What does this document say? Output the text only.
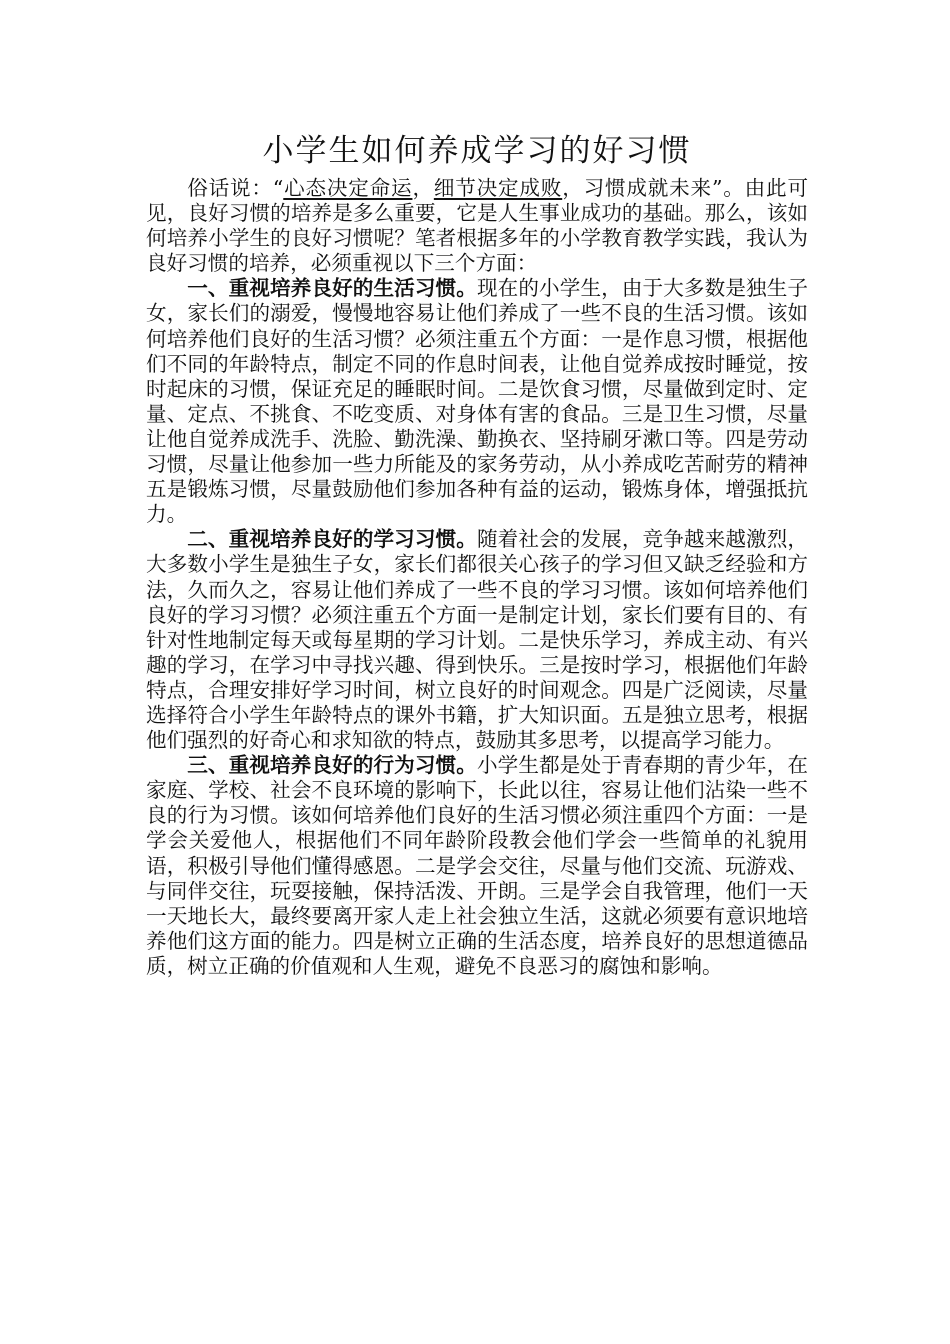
小学生如何养成学习的好习惯

俗话说：“心态决定命运，细节决定成败，习惯成就未来”。由此可见，良好习惯的培养是多么重要，它是人生事业成功的基础。那么，该如何培养小学生的良好习惯呢？笔者根据多年的小学教育教学实践，我认为良好习惯的培养，必须重视以下三个方面：

一、重视培养良好的生活习惯。现在的小学生，由于大多数是独生子女，家长们的溺爱，慢慢地容易让他们养成了一些不良的生活习惯。该如何培养他们良好的生活习惯？必须注重五个方面：一是作息习惯，根据他们不同的年龄特点，制定不同的作息时间表，让他自觉养成按时睡觉，按时起床的习惯，保证充足的睡眠时间。二是饮食习惯，尽量做到定时、定量、定点、不挑食、不吃变质、对身体有害的食品。三是卫生习惯，尽量让他自觉养成洗手、洗脸、勤洗澡、勤换衣、坚持刷牙漱口等。四是劳动习惯，尽量让他参加一些力所能及的家务劳动，从小养成吃苦耐劳的精神五是锻炼习惯，尽量鼓励他们参加各种有益的运动，锻炼身体，增强抵抗力。

二、重视培养良好的学习习惯。随着社会的发展，竞争越来越激烈，大多数小学生是独生子女，家长们都很关心孩子的学习但又缺乏经验和方法，久而久之，容易让他们养成了一些不良的学习习惯。该如何培养他们良好的学习习惯？必须注重五个方面一是制定计划，家长们要有目的、有针对性地制定每天或每星期的学习计划。二是快乐学习，养成主动、有兴趣的学习，在学习中寻找兴趣、得到快乐。三是按时学习，根据他们年龄特点，合理安排好学习时间，树立良好的时间观念。四是广泛阅读，尽量选择符合小学生年龄特点的课外书籍，扩大知识面。五是独立思考，根据他们强烈的好奇心和求知欲的特点，鼓励其多思考，以提高学习能力。

三、重视培养良好的行为习惯。小学生都是处于青春期的青少年，在家庭、学校、社会不良环境的影响下，长此以往，容易让他们沾染一些不良的行为习惯。该如何培养他们良好的生活习惯必须注重四个方面：一是学会关爱他人，根据他们不同年龄阶段教会他们学会一些简单的礼貌用语，积极引导他们懂得感恩。二是学会交往，尽量与他们交流、玩游戏、与同伴交往，玩耍接触，保持活泼、开朗。三是学会自我管理，他们一天一天地长大，最终要离开家人走上社会独立生活，这就必须要有意识地培养他们这方面的能力。四是树立正确的生活态度，培养良好的思想道德品质，树立正确的价值观和人生观，避免不良恶习的腐蚀和影响。
